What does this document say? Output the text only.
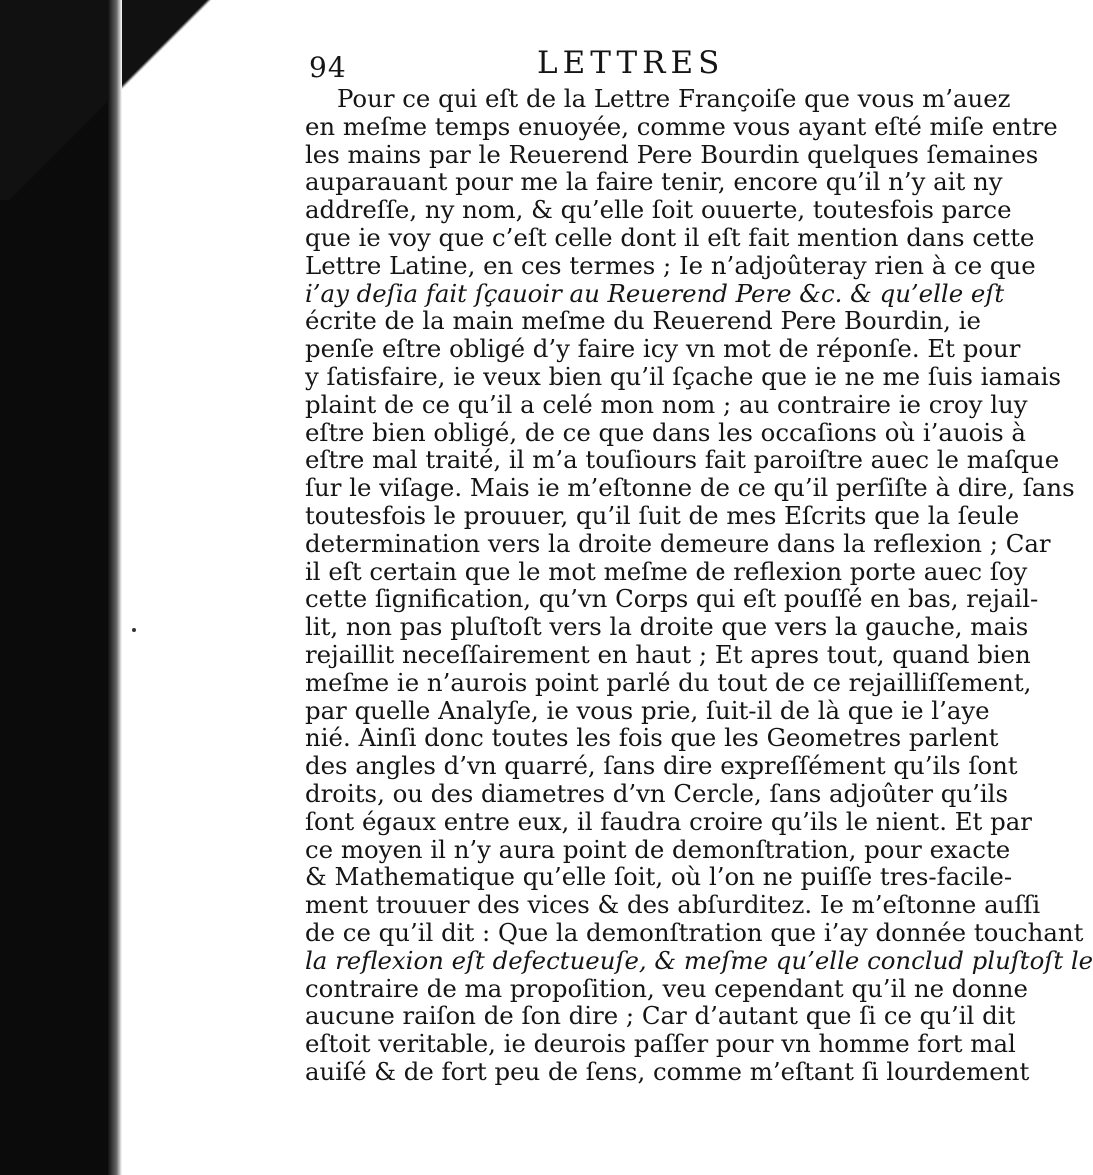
94	LETTRES
Pour ce qui eſt de la Lettre Françoiſe que vous m’auez
en meſme temps enuoyée, comme vous ayant eſté miſe entre
les mains par le Reuerend Pere Bourdin quelques ſemaines
auparauant pour me la faire tenir, encore qu’il n’y ait ny
addreſſe, ny nom, & qu’elle ſoit ouuerte, toutesfois parce
que ie voy que c’eſt celle dont il eſt fait mention dans cette
Lettre Latine, en ces termes ; Ie n’adjoûteray rien à ce que
i’ay deſia fait ſçauoir au Reuerend Pere &c. & qu’elle eſt
écrite de la main meſme du Reuerend Pere Bourdin, ie
penſe eſtre obligé d’y faire icy vn mot de réponſe. Et pour
y ſatisfaire, ie veux bien qu’il ſçache que ie ne me ſuis iamais
plaint de ce qu’il a celé mon nom ; au contraire ie croy luy
eſtre bien obligé, de ce que dans les occaſions où i’auois à
eſtre mal traité, il m’a touſiours fait paroiſtre auec le maſque
ſur le viſage. Mais ie m’eſtonne de ce qu’il perſiſte à dire, ſans
toutesfois le prouuer, qu’il ſuit de mes Eſcrits que la ſeule
determination vers la droite demeure dans la reflexion ; Car
il eſt certain que le mot meſme de reflexion porte auec ſoy
cette ſignification, qu’vn Corps qui eſt pouſſé en bas, rejail-
lit, non pas pluſtoſt vers la droite que vers la gauche, mais
rejaillit neceſſairement en haut ; Et apres tout, quand bien
meſme ie n’aurois point parlé du tout de ce rejailliſſement,
par quelle Analyſe, ie vous prie, ſuit-il de là que ie l’aye
nié. Ainſi donc toutes les fois que les Geometres parlent
des angles d’vn quarré, ſans dire expreſſément qu’ils ſont
droits, ou des diametres d’vn Cercle, ſans adjoûter qu’ils
ſont égaux entre eux, il faudra croire qu’ils le nient. Et par
ce moyen il n’y aura point de demonſtration, pour exacte
& Mathematique qu’elle ſoit, où l’on ne puiſſe tres-facile-
ment trouuer des vices & des abſurditez. Ie m’eſtonne auſſi
de ce qu’il dit : Que la demonſtration que i’ay donnée touchant
la reflexion eſt defectueuſe, & meſme qu’elle conclud pluſtoſt le
contraire de ma propoſition, veu cependant qu’il ne donne
aucune raiſon de ſon dire ; Car d’autant que ſi ce qu’il dit
eſtoit veritable, ie deurois paſſer pour vn homme fort mal
auiſé & de fort peu de ſens, comme m’eſtant ſi lourdement
